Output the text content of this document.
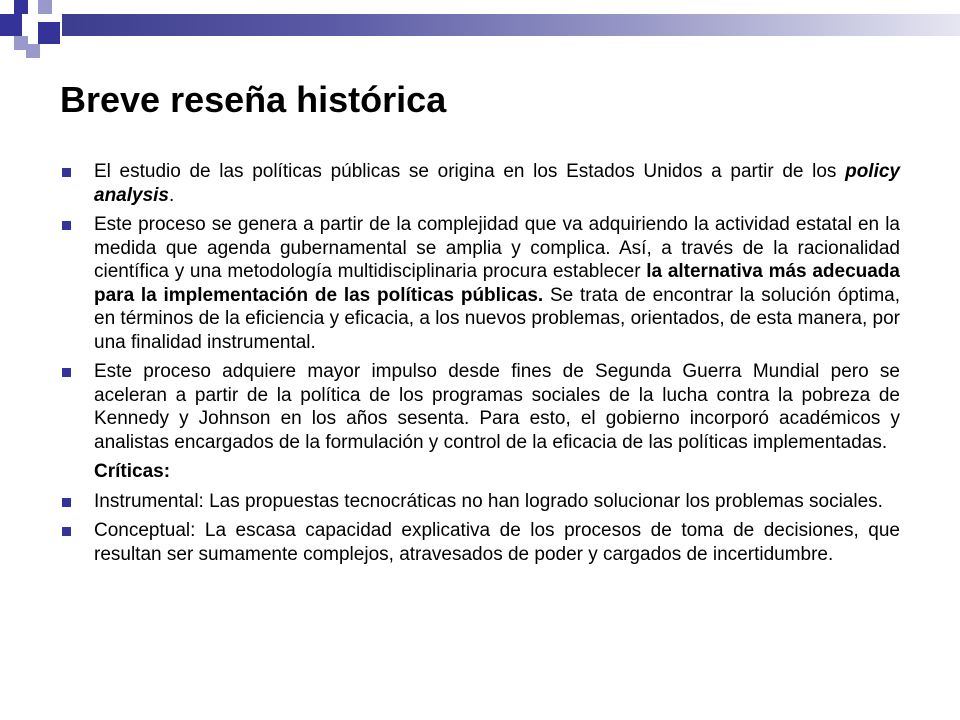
Breve reseña histórica
El estudio de las políticas públicas se origina en los Estados Unidos a partir de los policy analysis.
Este proceso se genera a partir de la complejidad que va adquiriendo la actividad estatal en la medida que agenda gubernamental se amplia y complica. Así, a través de la racionalidad científica y una metodología multidisciplinaria procura establecer la alternativa más adecuada para la implementación de las políticas públicas. Se trata de encontrar la solución óptima, en términos de la eficiencia y eficacia, a los nuevos problemas, orientados, de esta manera, por una finalidad instrumental.
Este proceso adquiere mayor impulso desde fines de Segunda Guerra Mundial pero se aceleran a partir de la política de los programas sociales de la lucha contra la pobreza de Kennedy y Johnson en los años sesenta. Para esto, el gobierno incorporó académicos y analistas encargados de la formulación y control de la eficacia de las políticas implementadas.
Críticas:
Instrumental: Las propuestas tecnocráticas no han logrado solucionar los problemas sociales.
Conceptual: La escasa capacidad explicativa de los procesos de toma de decisiones, que resultan ser sumamente complejos, atravesados de poder y cargados de incertidumbre.
